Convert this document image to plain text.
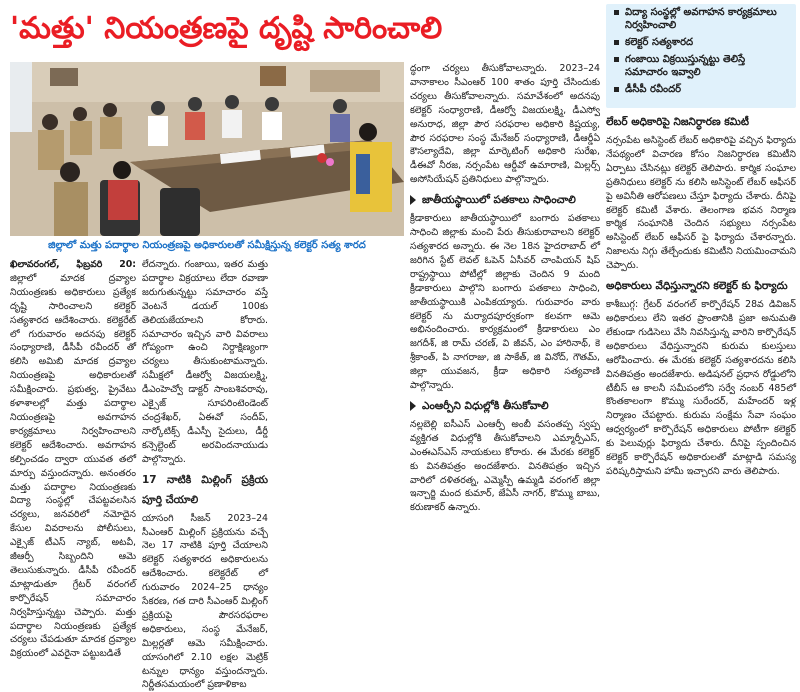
'మత్తు' నియంత్రణపై దృష్టి సారించాలి	విద్యా సంస్థల్లో అవగాహన కార్యక్రమాలు నిర్వహించాలి
కలెక్టర్ సత్యశారద
గంజాయి విక్రయిస్తున్నట్టు తెలిస్తే సమాచారం ఇవ్వాలి
డీసీపీ రవీందర్
జిల్లాలో మత్తు పదార్థాల నియంత్రణపై అధికారులతో సమీక్షిస్తున్న కలెక్టర్ సత్య శారద

ఖిలావరంగల్, ఫిబ్రవరి 20: జిల్లాలో మాదక ద్రవ్యాల నియంత్రణకు అధికారులు ప్రత్యేక దృష్టి సారించాలని కలెక్టర్ సత్యశారద ఆదేశించారు. కలెక్టరేట్ లో గురువారం అదనపు కలెక్టర్ సంధ్యారాణి, డీసీపీ రవీందర్ తో కలిసి అమిబి మాదక ద్రవ్యాల నియంత్రణపై అధికారులతో సమీక్షించారు. ప్రభుత్వ, ప్రైవేటు కళాశాలల్లో మత్తు పదార్థాల నియంత్రణపై అవగాహన కార్యక్రమాలు నిర్వహించాలని కలెక్టర్ ఆదేశించారు. అవగాహన కల్పించడం ద్వారా యువత తలో మార్పు వస్తుందన్నారు. అనంతరం మత్తు పదార్థాల నియంత్రణకు విద్యా సంస్థల్లో చేపట్టవలసిన చర్యలు, జనవరిలో నమోదైన కేసుల వివరాలను పోలీసులు, ఎక్సైజ్ టీఎస్ న్యాబ్, అటవీ, జీఆర్పీ సిబ్బందిని ఆమె తెలుసుకున్నారు. డీసీపీ రవీందర్ మాట్లాడుతూ గ్రేటర్ వరంగల్ కార్పొరేషన్ సమాచారం నిర్వహిస్తున్నట్టు చెప్పారు. మత్తు పదార్థాల నియంత్రణకు ప్రత్యేక చర్యలు చేపడుతూ మాదక ద్రవ్యాల విక్రయంలో ఎవరైనా పట్టుబడితే

లేదన్నారు. గంజాయి, ఇతర మత్తు పదార్థాల విక్రయాలు లేదా రవాణా జరుగుతున్నట్టు సమాచారం వస్తే వెంటనే డయల్ 100కు తెలియజేయాలని కోరారు. సమాచారం ఇచ్చిన వారి వివరాలు గోప్యంగా ఉంచి నిర్దాక్షిణ్యంగా చర్యలు తీసుకుంటామన్నారు. సమీక్షలో డీఆర్వో విజయలక్ష్మి, డీఎంహెచ్వో డాక్టర్ సాంబశివరావు, ఎక్సైజ్ సూపరింటెండెంట్ చంద్రశేఖర్, ఏఈవో సందీప్, నార్కోటిక్స్ డీఎస్పీ సైదులు, డీర్డీ కన్సెల్టెంట్ అరవిందనాయుడు పాల్గొన్నారు.

17 నాటికి మిల్లింగ్ ప్రక్రియ పూర్తి చేయాలి

యాసంగి సీజన్ 2023–24 సీఎంఆర్ మిల్లింగ్ ప్రక్రియను వచ్చే నెల 17 నాటికి పూర్తి చేయాలని కలెక్టర్ సత్యశారద అధికారులను ఆదేశించారు. కలెక్టరేట్ లో గురువారం 2024–25 ధాన్యం సేకరణ, గత దారి సీఎంఆర్ మిల్లింగ్ ప్రక్రియపై పౌరసరఫరాల అధికారులు, సంస్థ మేనేజర్, మిల్లర్లతో ఆమె సమీక్షించారు. యాసంగిలో 2.10 లక్షల మెట్రిక్ టన్నుల ధాన్యం వస్తుందన్నారు. నిర్ణీతసమయంలో ప్రణాళికాబ

ద్ధంగా చర్యలు తీసుకోవాలన్నారు. 2023–24 వానాకాలం సీఎంఆర్ 100 శాతం పూర్తి చేసిందుకు చర్యలు తీసుకోవాలన్నారు. సమావేశంలో అదనపు కలెక్టర్ సంధ్యారాణి, డీఆర్వో విజయలక్ష్మి, డీఎస్వో అనురాధ, జిల్లా పౌర సరఫరాల అధికారి కిష్టయ్య, పౌర సరఫరాల సంస్థ మేనేజర్ సంధ్యారాణి, డీఆర్డీఏ కౌసల్యాదేవి, జిల్లా మార్కెటింగ్ అధికారి సురేఖ, డీఈవో నీరజ, నర్సంపేట ఆర్డీవో ఉమారాణి, మిల్లర్స్ అసోసియేషన్ ప్రతినిధులు పాల్గొన్నారు.

జాతీయస్థాయిలో పతకాలు సాధించాలి

క్రీడాకారులు జాతీయస్థాయిలో బంగారు పతకాలు సాధించి జిల్లాకు మంచి పేరు తీసుకురావాలని కలెక్టర్ సత్యశారద అన్నారు. ఈ నెల 18న హైదరాబాద్ లో జరిగిన స్టేట్ లెవల్ ఓపెన్ ఏసీవర్ చాంపియన్ షిప్ రాష్ట్రస్థాయి పోటీల్లో జిల్లాకు చెందిన 9 మంది క్రీడాకారులు పాల్గొని బంగారు పతకాలు సాధించి, జాతీయస్థాయికి ఎంపికయ్యారు. గురువారం వారు కలెక్టర్ ను మర్యాదపూర్వకంగా కలవగా ఆమె అభినందించారు. కార్యక్రమంలో క్రీడాకారులు ఎం జగదీశ్, జి రామ్ చరణ్, వి జీవన్, ఎం హారినాథ్, కె శ్రీకాంత్, పి నాగరాజు, జి సాకేత్, జి వినోద్, గౌతమ్, జిల్లా యువజన, క్రీడా అధికారి సత్యవాణి పాల్గొన్నారు.

ఎంఆర్పీని విధుల్లోకి తీసుకోవాలి

నల్లబెల్లి ఐసీఎస్ ఎంఆర్పీ అంబీ వసంతప్ప స్వప్ప వ్యక్తిగత విధుల్లోకి తీసుకోవాలని ఎమ్మార్పీఎస్, ఎంఈఎస్ఎస్ నాయకులు కోరారు. ఈ మేరకు కలెక్టర్ కు వినతిపత్రం అందజేశారు. వినతిపత్రం ఇచ్చిన వారిలో దళితరత్న, ఎమ్మెస్పీ ఉమ్మడి వరంగల్ జిల్లా ఇన్చార్జి మంద కుమార్, జేఏసీ నాగర్, కొమ్ము బాబు, కరుణాకర్ ఉన్నారు.

లేబర్ అధికారిపై నిజనిర్ధారణ కమిటీ

నర్సంపేట అసిస్టెంట్ లేబర్ అధికారిపై వచ్చిన ఫిర్యాదు నేపథ్యంలో విచారణ కోసం నిజనిర్ధారణ కమిటీని ఏర్పాటు చేసినట్లు కలెక్టర్ తెలిపారు. కార్మిక సంఘాల ప్రతినిధులు కలెక్టర్ ను కలిసి అసిస్టెంట్ లేబర్ ఆఫీసర్ పై అవినీతి ఆరోపణలు చేస్తూ ఫిర్యాదు చేశారు. దీనిపై కలెక్టర్ కమిటీ వేశారు. తెలంగాణ భవన నిర్మాణ కార్మిక సంఘానికి చెందిన సభ్యులు నర్సంపేట అసిస్టెంట్ లేబర్ ఆఫీసర్ పై ఫిర్యాదు చేశారన్నారు. నిజాలను నిగ్గు తేల్చేందుకు కమిటీని నియమించామని చెప్పారు.

అధికారులు వేధిస్తున్నారని కలెక్టర్ కు ఫిర్యాదు

కాశీబుగ్గ: గ్రేటర్ వరంగల్ కార్పొరేషన్ 28వ డివిజన్ అధికారులు లేని ఇతర ప్రాంతానికి ప్రజా అనుమతి లేకుండా గుడిసెలు వేసి నివసిస్తున్న వారిని కార్పొరేషన్ అధికారులు వేధిస్తున్నారని కురుమ కులస్తులు ఆరోపించారు. ఈ మేరకు కలెక్టర్ సత్యశారదను కలిసి వినతిపత్రం అందజేశారు. అడిషనల్ ప్రధాన రోడ్డులోని టీబీస్ ఆ కాలనీ సమీపంలోని సర్వే నంబర్ 485లో కొంతకాలంగా కొమ్ము సురేందర్, మహేందర్ ఇళ్ల నిర్మాణం చేపట్టారు. కురుమ సంక్షేమ సేవా సంఘం ఆధ్వర్యంలో కార్పొరేషన్ అధికారులు పోటీగా కలెక్టర్ కు పెలువుర్లు ఫిర్యాదు చేశారు. దీనిపై స్పందించిన కలెక్టర్ కార్పొరేషన్ అధికారులతో మాట్లాడి సమస్య పరిష్కరిస్తామని హామీ ఇచ్చారని వారు తెలిపారు.
